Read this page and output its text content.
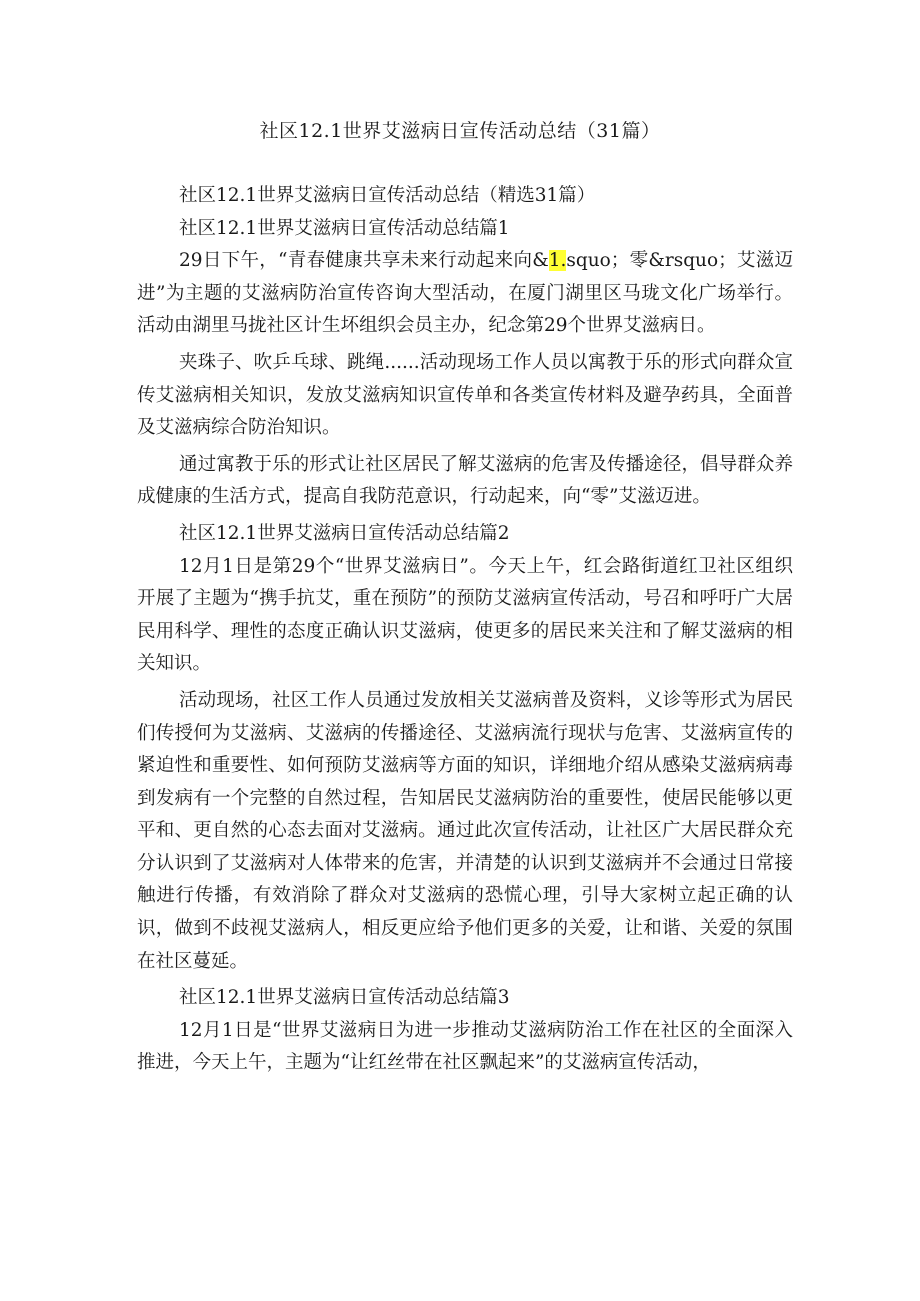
社区12.1世界艾滋病日宣传活动总结（31篇）
社区12.1世界艾滋病日宣传活动总结（精选31篇）
社区12.1世界艾滋病日宣传活动总结篇1

29日下午，“青春健康共享未来行动起来向&1.squo；零&rsquo；艾滋迈进”为主题的艾滋病防治宣传咨询大型活动，在厦门湖里区马珑文化广场举行。活动由湖里马拢社区计生坏组织会员主办，纪念第29个世界艾滋病日。

夹珠子、吹乒乓球、跳绳......活动现场工作人员以寓教于乐的形式向群众宣传艾滋病相关知识，发放艾滋病知识宣传单和各类宣传材料及避孕药具，全面普及艾滋病综合防治知识。

通过寓教于乐的形式让社区居民了解艾滋病的危害及传播途径，倡导群众养成健康的生活方式，提高自我防范意识，行动起来，向“零”艾滋迈进。

社区12.1世界艾滋病日宣传活动总结篇2

12月1日是第29个“世界艾滋病日”。今天上午，红会路街道红卫社区组织开展了主题为“携手抗艾，重在预防”的预防艾滋病宣传活动，号召和呼吁广大居民用科学、理性的态度正确认识艾滋病，使更多的居民来关注和了解艾滋病的相关知识。

活动现场，社区工作人员通过发放相关艾滋病普及资料，义诊等形式为居民们传授何为艾滋病、艾滋病的传播途径、艾滋病流行现状与危害、艾滋病宣传的紧迫性和重要性、如何预防艾滋病等方面的知识，详细地介绍从感染艾滋病病毒到发病有一个完整的自然过程，告知居民艾滋病防治的重要性，使居民能够以更平和、更自然的心态去面对艾滋病。通过此次宣传活动，让社区广大居民群众充分认识到了艾滋病对人体带来的危害，并清楚的认识到艾滋病并不会通过日常接触进行传播，有效消除了群众对艾滋病的恐慌心理，引导大家树立起正确的认识，做到不歧视艾滋病人，相反更应给予他们更多的关爱，让和谐、关爱的氛围在社区蔓延。

社区12.1世界艾滋病日宣传活动总结篇3

12月1日是“世界艾滋病日为进一步推动艾滋病防治工作在社区的全面深入推进，今天上午，主题为“让红丝带在社区飘起来”的艾滋病宣传活动，
